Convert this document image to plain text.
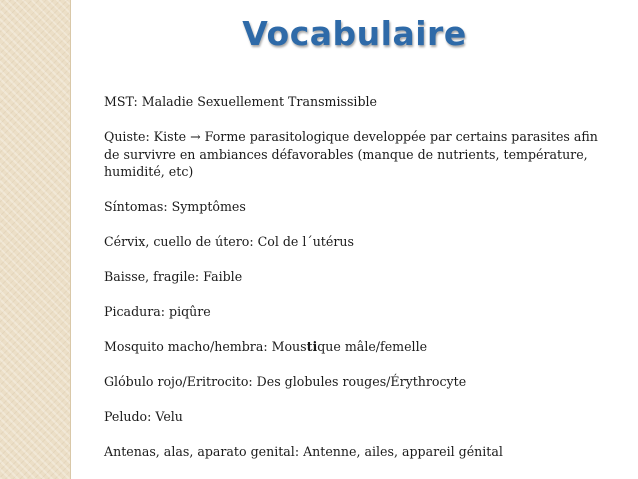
Vocabulaire
MST: Maladie Sexuellement Transmissible
Quiste: Kiste → Forme parasitologique developpée par certains parasites afin de survivre en ambiances défavorables (manque de nutrients, température, humidité, etc)
Síntomas: Symptômes
Cérvix, cuello de útero: Col de l´utérus
Baisse, fragile: Faible
Picadura: piqûre
Mosquito macho/hembra: Moustique mâle/femelle
Glóbulo rojo/Eritrocito: Des globules rouges/Érythrocyte
Peludo: Velu
Antenas, alas, aparato genital: Antenne, ailes, appareil génital
